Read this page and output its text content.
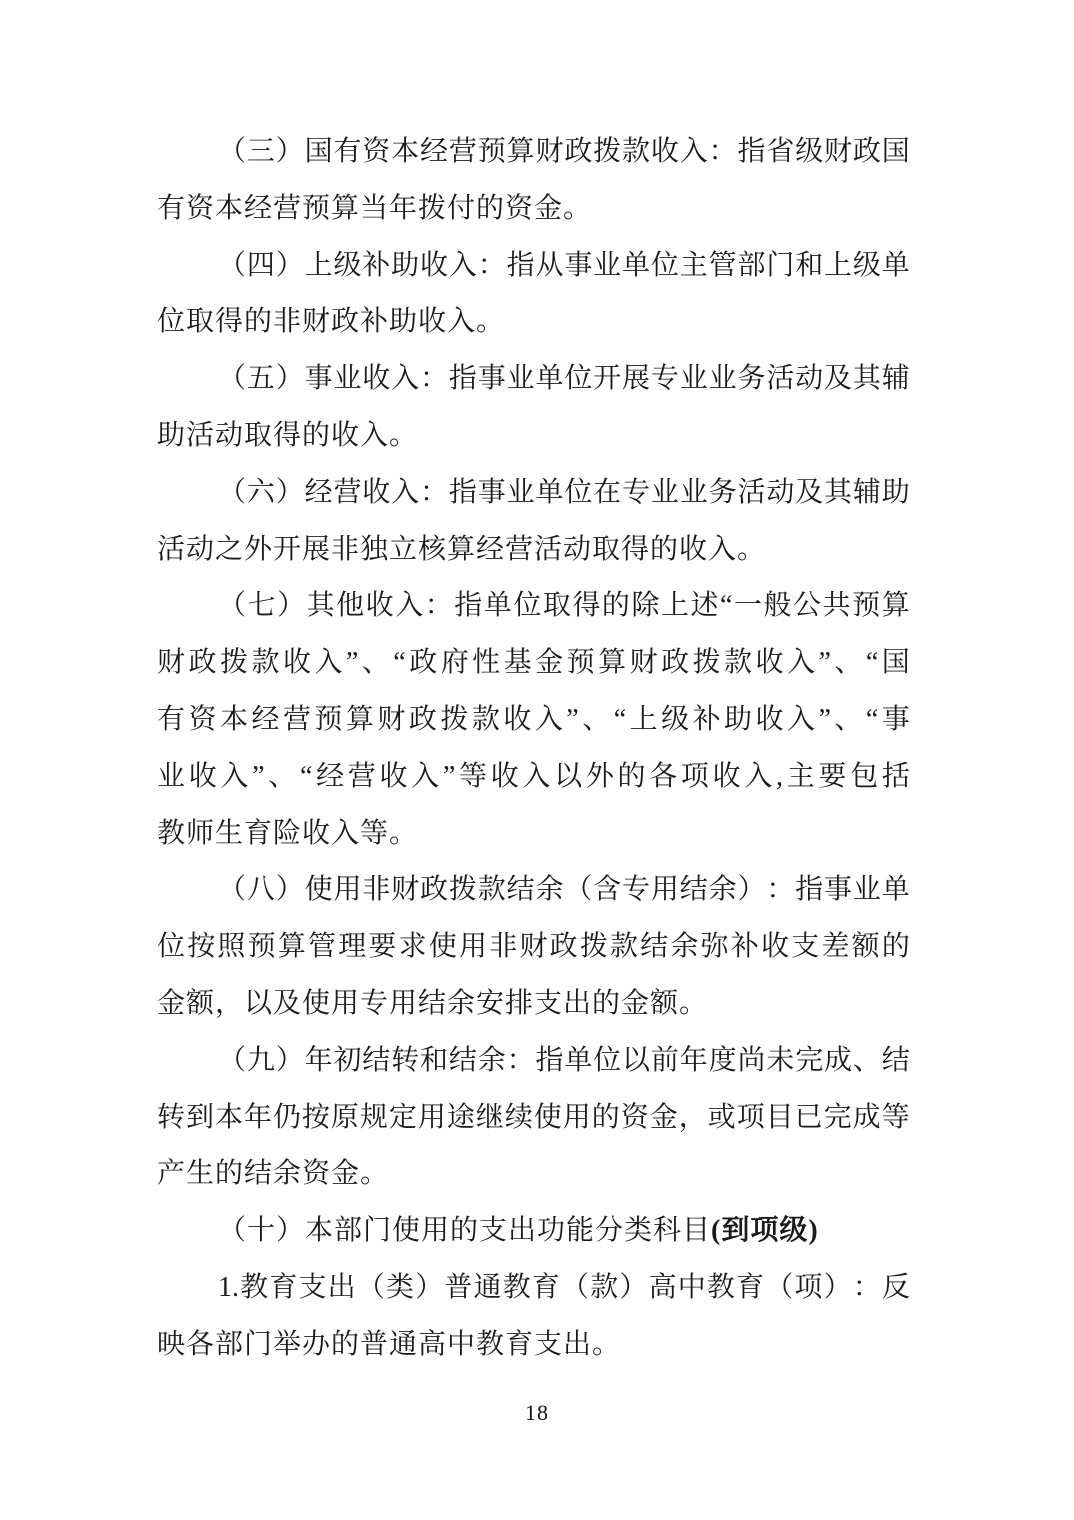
（ 三 ） 国 有 资 本 经 营 预 算 财 政 拨 款 收 入 ： 指 省 级 财 政 国
有资本经营预算当年拨付的资金。
（ 四 ） 上 级 补 助 收 入 ： 指 从 事 业 单 位 主 管 部 门 和 上 级 单
位取得的非财政补助收入。
（ 五 ） 事 业 收 入 ： 指 事 业 单 位 开 展 专 业 业 务 活 动 及 其 辅
助活动取得的收入。
（ 六 ） 经 营 收 入 ： 指 事 业 单 位 在 专 业 业 务 活 动 及 其 辅 助
活动之外开展非独立核算经营活动取得的收入。
（ 七 ） 其 他 收 入 ： 指 单 位 取 得 的 除 上 述 “ 一 般 公 共 预 算
财 政 拨 款 收 入 ” 、 “ 政 府 性 基 金 预 算 财 政 拨 款 收 入 ” 、 “ 国
有 资 本 经 营 预 算 财 政 拨 款 收 入 ” 、 “ 上 级 补 助 收 入 ” 、 “ 事
业 收 入 ” 、 “ 经 营 收 入 ” 等 收 入 以 外 的 各 项 收 入 , 主 要 包 括
教师生育险收入等。
（ 八 ） 使 用 非 财 政 拨 款 结 余 （ 含 专 用 结 余 ） ： 指 事 业 单
位 按 照 预 算 管 理 要 求 使 用 非 财 政 拨 款 结 余 弥 补 收 支 差 额 的
金额，以及使用专用结余安排支出的金额。
（ 九 ） 年 初 结 转 和 结 余 ： 指 单 位 以 前 年 度 尚 未 完 成 、 结
转 到 本 年 仍 按 原 规 定 用 途 继 续 使 用 的 资 金 ， 或 项 目 已 完 成 等
产生的结余资金。
（十）本部门使用的支出功能分类科目(到项级)
1. 教 育 支 出 （ 类 ） 普 通 教 育 （ 款 ） 高 中 教 育 （ 项 ） ： 反
映各部门举办的普通高中教育支出。
18
